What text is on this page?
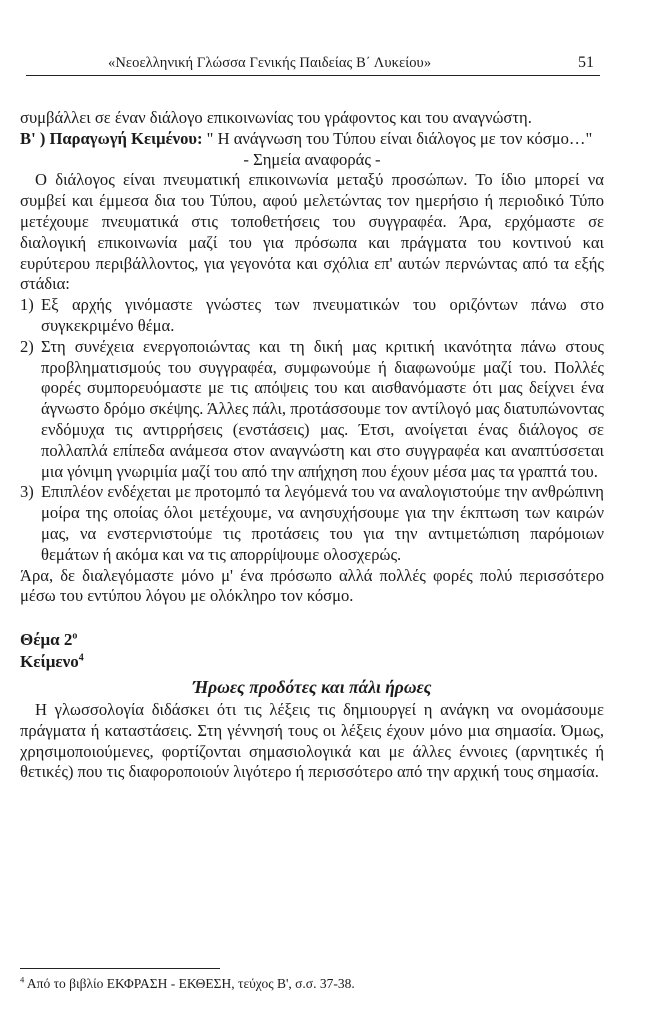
«Νεοελληνική Γλώσσα Γενικής Παιδείας Β΄ Λυκείου»	51

συμβάλλει σε έναν διάλογο επικοινωνίας του γράφοντος και του αναγνώστη.

Β' ) Παραγωγή Κειμένου: " Η ανάγνωση του Τύπου είναι διάλογος με τον κόσμο…"

- Σημεία αναφοράς -

Ο διάλογος είναι πνευματική επικοινωνία μεταξύ προσώπων. Το ίδιο μπορεί να συμβεί και έμμεσα δια του Τύπου, αφού μελετώντας τον ημερήσιο ή περιοδικό Τύπο μετέχουμε πνευματικά στις τοποθετήσεις του συγγραφέα. Άρα, ερχόμαστε σε διαλογική επικοινωνία μαζί του για πρόσωπα και πράγματα του κοντινού και ευρύτερου περιβάλλοντος, για γεγονότα και σχόλια επ' αυτών περνώντας από τα εξής στάδια:

1) Εξ αρχής γινόμαστε γνώστες των πνευματικών του οριζόντων πάνω στο συγκεκριμένο θέμα.
2) Στη συνέχεια ενεργοποιώντας και τη δική μας κριτική ικανότητα πάνω στους προβληματισμούς του συγγραφέα, συμφωνούμε ή διαφωνούμε μαζί του. Πολλές φορές συμπορευόμαστε με τις απόψεις του και αισθανόμαστε ότι μας δείχνει ένα άγνωστο δρόμο σκέψης. Άλλες πάλι, προτάσσουμε τον αντίλογό μας διατυπώνοντας ενδόμυχα τις αντιρρήσεις (ενστάσεις) μας. Έτσι, ανοίγεται ένας διάλογος σε πολλαπλά επίπεδα ανάμεσα στον αναγνώστη και στο συγγραφέα και αναπτύσσεται μια γόνιμη γνωριμία μαζί του από την απήχηση που έχουν μέσα μας τα γραπτά του.
3) Επιπλέον ενδέχεται με προτομπό τα λεγόμενά του να αναλογιστούμε την ανθρώπινη μοίρα της οποίας όλοι μετέχουμε, να ανησυχήσουμε για την έκπτωση των καιρών μας, να ενστερνιστούμε τις προτάσεις του για την αντιμετώπιση παρόμοιων θεμάτων ή ακόμα και να τις απορρίψουμε ολοσχερώς.

Άρα, δε διαλεγόμαστε μόνο μ' ένα πρόσωπο αλλά πολλές φορές πολύ περισσότερο μέσω του εντύπου λόγου με ολόκληρο τον κόσμο.

Θέμα $2^o$

Κείμενο$^4$

Ήρωες προδότες και πάλι ήρωες

Η γλωσσολογία διδάσκει ότι τις λέξεις τις δημιουργεί η ανάγκη να ονομάσουμε πράγματα ή καταστάσεις. Στη γέννησή τους οι λέξεις έχουν μόνο μια σημασία. Όμως, χρησιμοποιούμενες, φορτίζονται σημασιολογικά και με άλλες έννοιες (αρνητικές ή θετικές) που τις διαφοροποιούν λιγότερο ή περισσότερο από την αρχική τους σημασία.

$^4$ Από το βιβλίο ΕΚΦΡΑΣΗ - ΕΚΘΕΣΗ, τεύχος Β', σ.σ. 37-38.
